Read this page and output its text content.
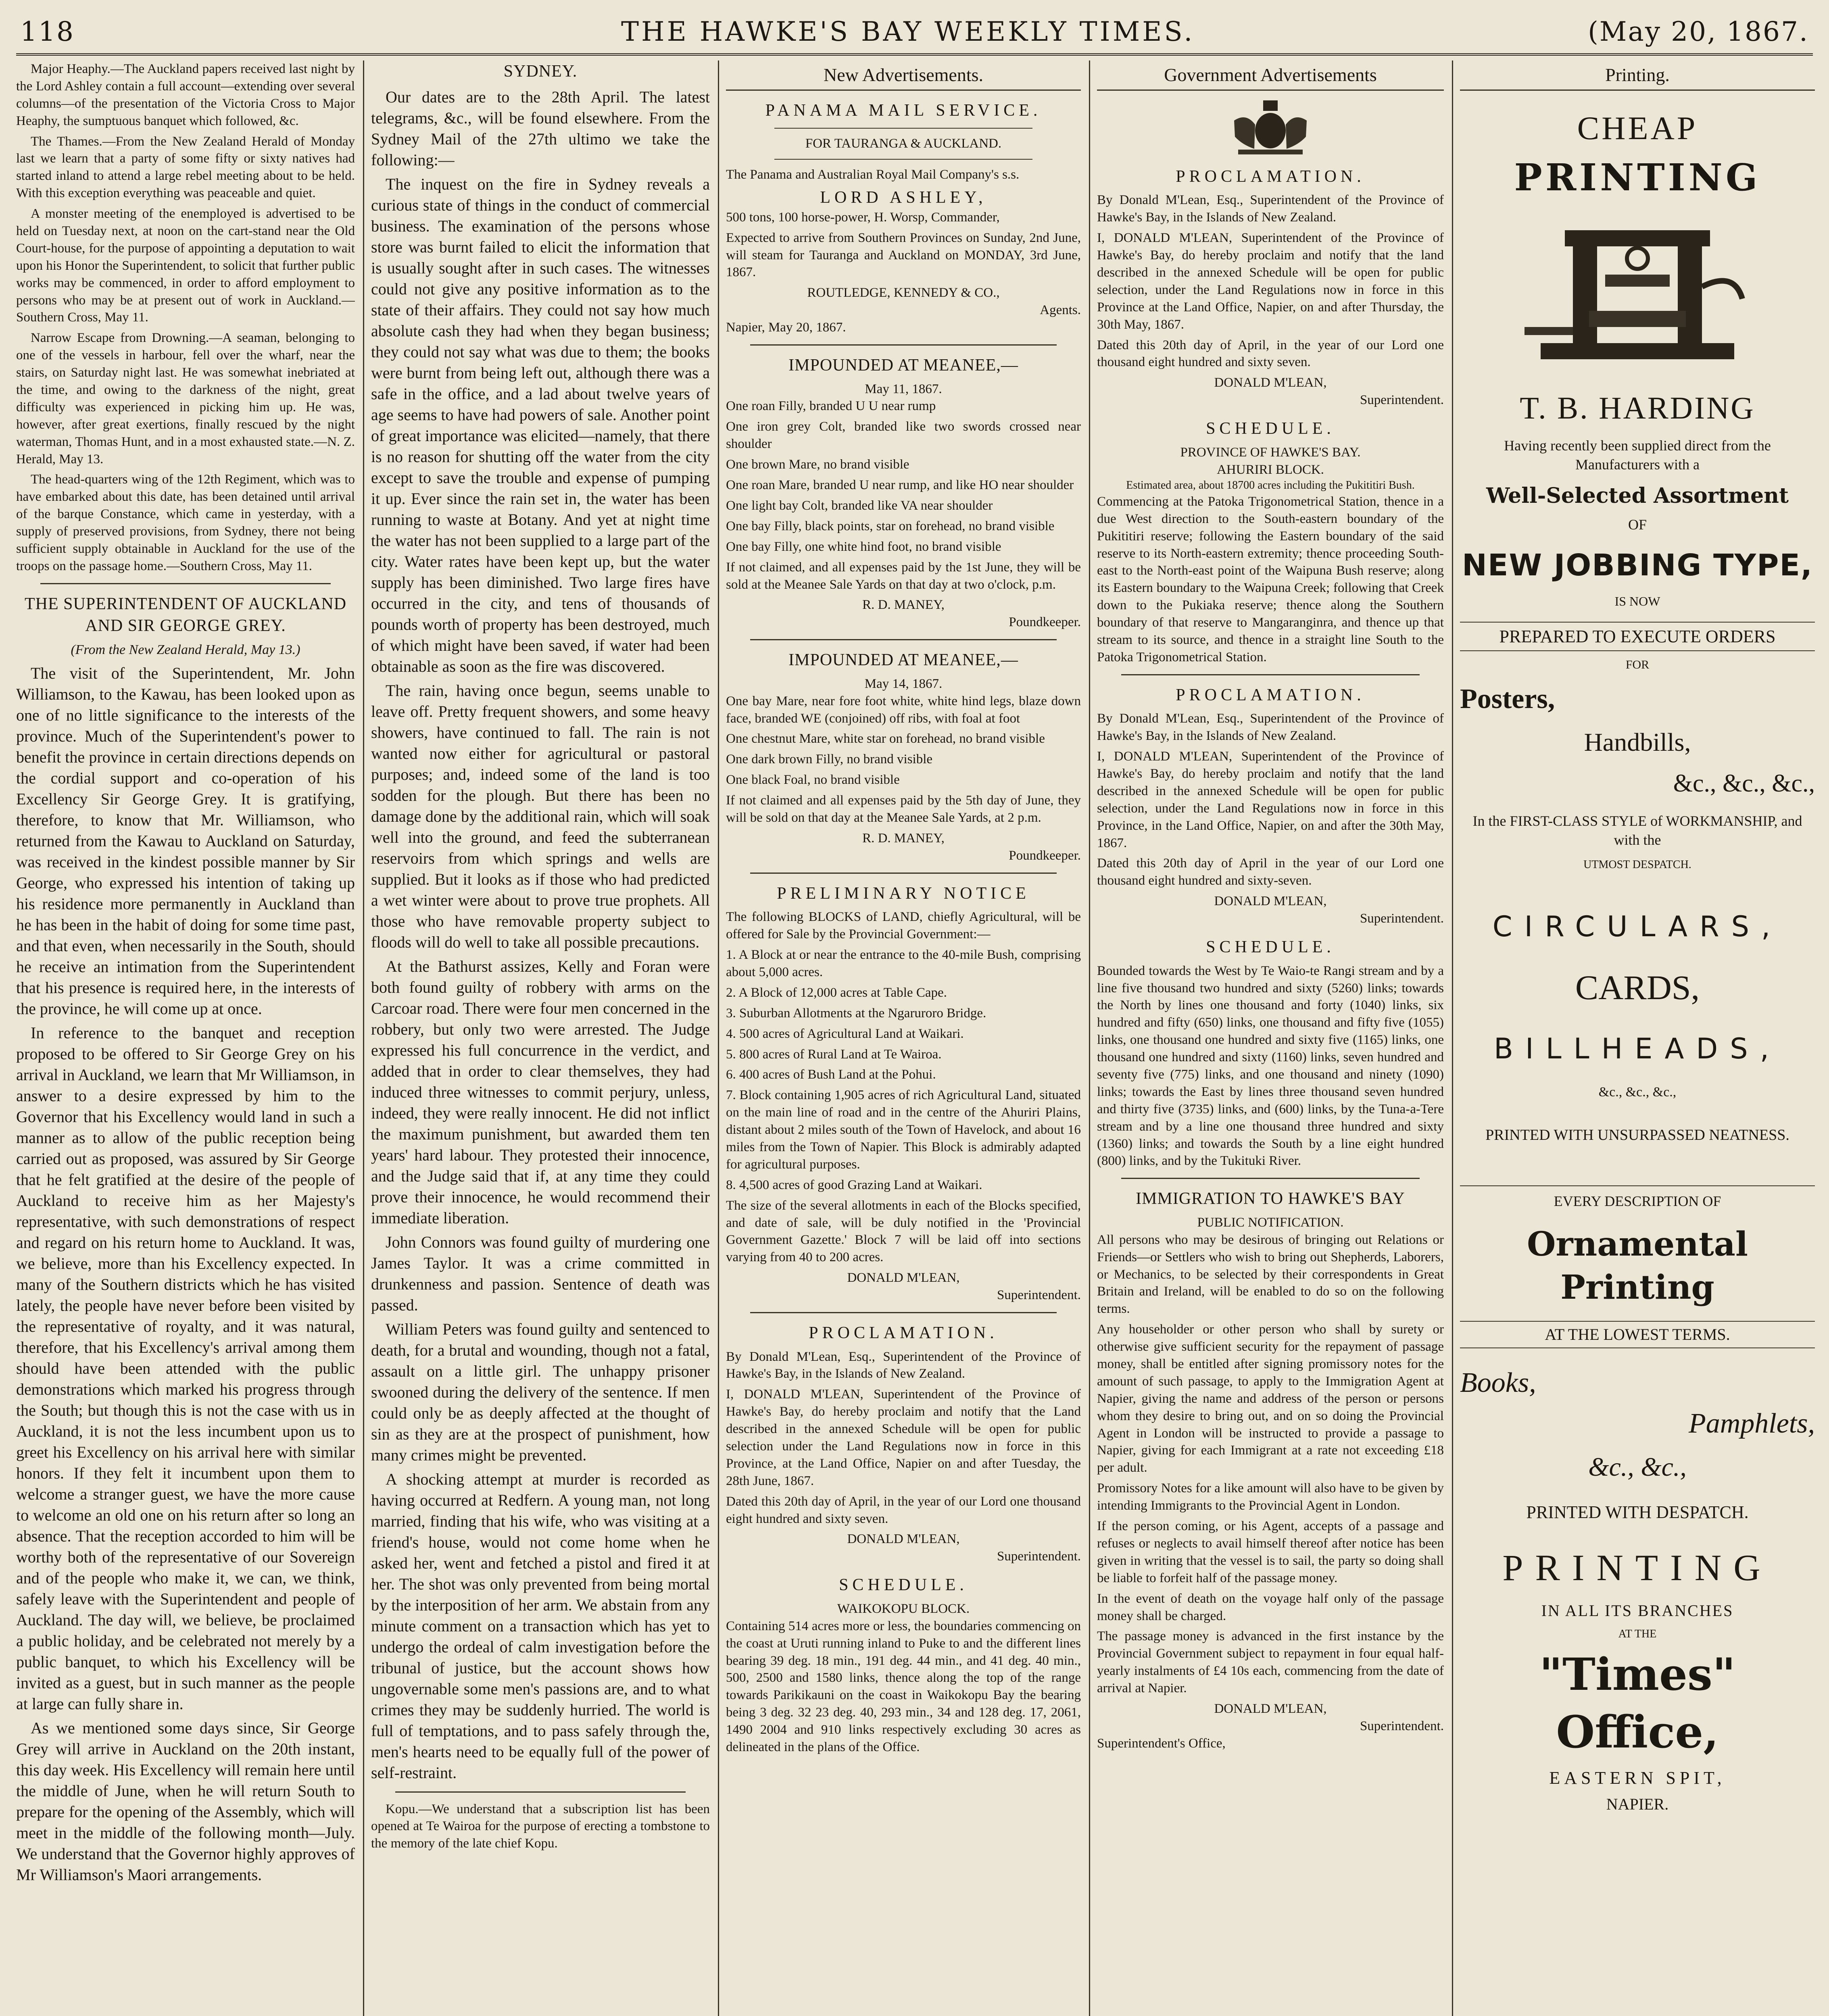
118	THE HAWKE'S BAY WEEKLY TIMES.	(May 20, 1867.

Major Heaphy.—The Auckland papers received last night by the Lord Ashley contain a full account—extending over several columns—of the presentation of the Victoria Cross to Major Heaphy, the sumptuous banquet which followed, &c.

The Thames.—From the New Zealand Herald of Monday last we learn that a party of some fifty or sixty natives had started inland to attend a large rebel meeting about to be held. With this exception everything was peaceable and quiet.

A monster meeting of the enemployed is advertised to be held on Tuesday next, at noon on the cart-stand near the Old Court-house, for the purpose of appointing a deputation to wait upon his Honor the Superintendent, to solicit that further public works may be commenced, in order to afford employment to persons who may be at present out of work in Auckland.—Southern Cross, May 11.

Narrow Escape from Drowning.—A seaman, belonging to one of the vessels in harbour, fell over the wharf, near the stairs, on Saturday night last. He was somewhat inebriated at the time, and owing to the darkness of the night, great difficulty was experienced in picking him up. He was, however, after great exertions, finally rescued by the night waterman, Thomas Hunt, and in a most exhausted state.—N. Z. Herald, May 13.

The head-quarters wing of the 12th Regiment, which was to have embarked about this date, has been detained until arrival of the barque Constance, which came in yesterday, with a supply of preserved provisions, from Sydney, there not being sufficient supply obtainable in Auckland for the use of the troops on the passage home.—Southern Cross, May 11.

THE SUPERINTENDENT OF AUCKLAND AND SIR GEORGE GREY.
(From the New Zealand Herald, May 13.)

The visit of the Superintendent, Mr. John Williamson, to the Kawau, has been looked upon as one of no little significance to the interests of the province. Much of the Superintendent's power to benefit the province in certain directions depends on the cordial support and co-operation of his Excellency Sir George Grey. It is gratifying, therefore, to know that Mr. Williamson, who returned from the Kawau to Auckland on Saturday, was received in the kindest possible manner by Sir George, who expressed his intention of taking up his residence more permanently in Auckland than he has been in the habit of doing for some time past, and that even, when necessarily in the South, should he receive an intimation from the Superintendent that his presence is required here, in the interests of the province, he will come up at once.

In reference to the banquet and reception proposed to be offered to Sir George Grey on his arrival in Auckland, we learn that Mr Williamson, in answer to a desire expressed by him to the Governor that his Excellency would land in such a manner as to allow of the public reception being carried out as proposed, was assured by Sir George that he felt gratified at the desire of the people of Auckland to receive him as her Majesty's representative, with such demonstrations of respect and regard on his return home to Auckland. It was, we believe, more than his Excellency expected. In many of the Southern districts which he has visited lately, the people have never before been visited by the representative of royalty, and it was natural, therefore, that his Excellency's arrival among them should have been attended with the public demonstrations which marked his progress through the South; but though this is not the case with us in Auckland, it is not the less incumbent upon us to greet his Excellency on his arrival here with similar honors. If they felt it incumbent upon them to welcome a stranger guest, we have the more cause to welcome an old one on his return after so long an absence. That the reception accorded to him will be worthy both of the representative of our Sovereign and of the people who make it, we can, we think, safely leave with the Superintendent and people of Auckland. The day will, we believe, be proclaimed a public holiday, and be celebrated not merely by a public banquet, to which his Excellency will be invited as a guest, but in such manner as the people at large can fully share in.

As we mentioned some days since, Sir George Grey will arrive in Auckland on the 20th instant, this day week. His Excellency will remain here until the middle of June, when he will return South to prepare for the opening of the Assembly, which will meet in the middle of the following month—July. We understand that the Governor highly approves of Mr Williamson's Maori arrangements.

SYDNEY.

Our dates are to the 28th April. The latest telegrams, &c., will be found elsewhere. From the Sydney Mail of the 27th ultimo we take the following:—

The inquest on the fire in Sydney reveals a curious state of things in the conduct of commercial business. The examination of the persons whose store was burnt failed to elicit the information that is usually sought after in such cases. The witnesses could not give any positive information as to the state of their affairs. They could not say how much absolute cash they had when they began business; they could not say what was due to them; the books were burnt from being left out, although there was a safe in the office, and a lad about twelve years of age seems to have had powers of sale. Another point of great importance was elicited—namely, that there is no reason for shutting off the water from the city except to save the trouble and expense of pumping it up. Ever since the rain set in, the water has been running to waste at Botany. And yet at night time the water has not been supplied to a large part of the city. Water rates have been kept up, but the water supply has been diminished. Two large fires have occurred in the city, and tens of thousands of pounds worth of property has been destroyed, much of which might have been saved, if water had been obtainable as soon as the fire was discovered.

The rain, having once begun, seems unable to leave off. Pretty frequent showers, and some heavy showers, have continued to fall. The rain is not wanted now either for agricultural or pastoral purposes; and, indeed some of the land is too sodden for the plough. But there has been no damage done by the additional rain, which will soak well into the ground, and feed the subterranean reservoirs from which springs and wells are supplied. But it looks as if those who had predicted a wet winter were about to prove true prophets. All those who have removable property subject to floods will do well to take all possible precautions.

At the Bathurst assizes, Kelly and Foran were both found guilty of robbery with arms on the Carcoar road. There were four men concerned in the robbery, but only two were arrested. The Judge expressed his full concurrence in the verdict, and added that in order to clear themselves, they had induced three witnesses to commit perjury, unless, indeed, they were really innocent. He did not inflict the maximum punishment, but awarded them ten years' hard labour. They protested their innocence, and the Judge said that if, at any time they could prove their innocence, he would recommend their immediate liberation.

John Connors was found guilty of murdering one James Taylor. It was a crime committed in drunkenness and passion. Sentence of death was passed.

William Peters was found guilty and sentenced to death, for a brutal and wounding, though not a fatal, assault on a little girl. The unhappy prisoner swooned during the delivery of the sentence. If men could only be as deeply affected at the thought of sin as they are at the prospect of punishment, how many crimes might be prevented.

A shocking attempt at murder is recorded as having occurred at Redfern. A young man, not long married, finding that his wife, who was visiting at a friend's house, would not come home when he asked her, went and fetched a pistol and fired it at her. The shot was only prevented from being mortal by the interposition of her arm. We abstain from any minute comment on a transaction which has yet to undergo the ordeal of calm investigation before the tribunal of justice, but the account shows how ungovernable some men's passions are, and to what crimes they may be suddenly hurried. The world is full of temptations, and to pass safely through the, men's hearts need to be equally full of the power of self-restraint.

Kopu.—We understand that a subscription list has been opened at Te Wairoa for the purpose of erecting a tombstone to the memory of the late chief Kopu.

New Advertisements.
PANAMA MAIL SERVICE.
FOR TAURANGA & AUCKLAND.

The Panama and Australian Royal Mail Company's s.s.

LORD ASHLEY,

500 tons, 100 horse-power, H. Worsp, Commander,

Expected to arrive from Southern Provinces on Sunday, 2nd June, will steam for Tauranga and Auckland on MONDAY, 3rd June, 1867.

ROUTLEDGE, KENNEDY & CO.,
Agents.

Napier, May 20, 1867.

IMPOUNDED AT MEANEE,—
May 11, 1867.

One roan Filly, branded U U near rump

One iron grey Colt, branded like two swords crossed near shoulder

One brown Mare, no brand visible

One roan Mare, branded U near rump, and like HO near shoulder

One light bay Colt, branded like VA near shoulder

One bay Filly, black points, star on forehead, no brand visible

One bay Filly, one white hind foot, no brand visible

If not claimed, and all expenses paid by the 1st June, they will be sold at the Meanee Sale Yards on that day at two o'clock, p.m.

R. D. MANEY,
Poundkeeper.
IMPOUNDED AT MEANEE,—
May 14, 1867.

One bay Mare, near fore foot white, white hind legs, blaze down face, branded WE (conjoined) off ribs, with foal at foot

One chestnut Mare, white star on forehead, no brand visible

One dark brown Filly, no brand visible

One black Foal, no brand visible

If not claimed and all expenses paid by the 5th day of June, they will be sold on that day at the Meanee Sale Yards, at 2 p.m.

R. D. MANEY,
Poundkeeper.
PRELIMINARY NOTICE

The following BLOCKS of LAND, chiefly Agricultural, will be offered for Sale by the Provincial Government:—

1. A Block at or near the entrance to the 40-mile Bush, comprising about 5,000 acres.

2. A Block of 12,000 acres at Table Cape.

3. Suburban Allotments at the Ngaruroro Bridge.

4. 500 acres of Agricultural Land at Waikari.

5. 800 acres of Rural Land at Te Wairoa.

6. 400 acres of Bush Land at the Pohui.

7. Block containing 1,905 acres of rich Agricultural Land, situated on the main line of road and in the centre of the Ahuriri Plains, distant about 2 miles south of the Town of Havelock, and about 16 miles from the Town of Napier. This Block is admirably adapted for agricultural purposes.

8. 4,500 acres of good Grazing Land at Waikari.

The size of the several allotments in each of the Blocks specified, and date of sale, will be duly notified in the 'Provincial Government Gazette.' Block 7 will be laid off into sections varying from 40 to 200 acres.

DONALD M'LEAN,
Superintendent.
PROCLAMATION.

By Donald M'Lean, Esq., Superintendent of the Province of Hawke's Bay, in the Islands of New Zealand.

I, DONALD M'LEAN, Superintendent of the Province of Hawke's Bay, do hereby proclaim and notify that the Land described in the annexed Schedule will be open for public selection under the Land Regulations now in force in this Province, at the Land Office, Napier on and after Tuesday, the 28th June, 1867.

Dated this 20th day of April, in the year of our Lord one thousand eight hundred and sixty seven.

DONALD M'LEAN,
Superintendent.
SCHEDULE.
WAIKOKOPU BLOCK.

Containing 514 acres more or less, the boundaries commencing on the coast at Uruti running inland to Puke to and the different lines bearing 39 deg. 18 min., 191 deg. 44 min., and 41 deg. 40 min., 500, 2500 and 1580 links, thence along the top of the range towards Parikikauni on the coast in Waikokopu Bay the bearing being 3 deg. 32 23 deg. 40, 293 min., 34 and 128 deg. 17, 2061, 1490 2004 and 910 links respectively excluding 30 acres as delineated in the plans of the Office.

Government Advertisements
PROCLAMATION.

By Donald M'Lean, Esq., Superintendent of the Province of Hawke's Bay, in the Islands of New Zealand.

I, DONALD M'LEAN, Superintendent of the Province of Hawke's Bay, do hereby proclaim and notify that the land described in the annexed Schedule will be open for public selection, under the Land Regulations now in force in this Province at the Land Office, Napier, on and after Thursday, the 30th May, 1867.

Dated this 20th day of April, in the year of our Lord one thousand eight hundred and sixty seven.

DONALD M'LEAN,
Superintendent.
SCHEDULE.
PROVINCE OF HAWKE'S BAY.
AHURIRI BLOCK.
Estimated area, about 18700 acres including the Pukititiri Bush.

Commencing at the Patoka Trigonometrical Station, thence in a due West direction to the South-eastern boundary of the Pukititiri reserve; following the Eastern boundary of the said reserve to its North-eastern extremity; thence proceeding South-east to the North-east point of the Waipuna Bush reserve; along its Eastern boundary to the Waipuna Creek; following that Creek down to the Pukiaka reserve; thence along the Southern boundary of that reserve to Mangaranginra, and thence up that stream to its source, and thence in a straight line South to the Patoka Trigonometrical Station.

PROCLAMATION.

By Donald M'Lean, Esq., Superintendent of the Province of Hawke's Bay, in the Islands of New Zealand.

I, DONALD M'LEAN, Superintendent of the Province of Hawke's Bay, do hereby proclaim and notify that the land described in the annexed Schedule will be open for public selection, under the Land Regulations now in force in this Province, in the Land Office, Napier, on and after the 30th May, 1867.

Dated this 20th day of April in the year of our Lord one thousand eight hundred and sixty-seven.

DONALD M'LEAN,
Superintendent.
SCHEDULE.

Bounded towards the West by Te Waio-te Rangi stream and by a line five thousand two hundred and sixty (5260) links; towards the North by lines one thousand and forty (1040) links, six hundred and fifty (650) links, one thousand and fifty five (1055) links, one thousand one hundred and sixty five (1165) links, one thousand one hundred and sixty (1160) links, seven hundred and seventy five (775) links, and one thousand and ninety (1090) links; towards the East by lines three thousand seven hundred and thirty five (3735) links, and (600) links, by the Tuna-a-Tere stream and by a line one thousand three hundred and sixty (1360) links; and towards the South by a line eight hundred (800) links, and by the Tukituki River.

IMMIGRATION TO HAWKE'S BAY
PUBLIC NOTIFICATION.

All persons who may be desirous of bringing out Relations or Friends—or Settlers who wish to bring out Shepherds, Laborers, or Mechanics, to be selected by their correspondents in Great Britain and Ireland, will be enabled to do so on the following terms.

Any householder or other person who shall by surety or otherwise give sufficient security for the repayment of passage money, shall be entitled after signing promissory notes for the amount of such passage, to apply to the Immigration Agent at Napier, giving the name and address of the person or persons whom they desire to bring out, and on so doing the Provincial Agent in London will be instructed to provide a passage to Napier, giving for each Immigrant at a rate not exceeding £18 per adult.

Promissory Notes for a like amount will also have to be given by intending Immigrants to the Provincial Agent in London.

If the person coming, or his Agent, accepts of a passage and refuses or neglects to avail himself thereof after notice has been given in writing that the vessel is to sail, the party so doing shall be liable to forfeit half of the passage money.

In the event of death on the voyage half only of the passage money shall be charged.

The passage money is advanced in the first instance by the Provincial Government subject to repayment in four equal half-yearly instalments of £4 10s each, commencing from the date of arrival at Napier.

DONALD M'LEAN,
Superintendent.

Superintendent's Office,

Printing.
CHEAP
PRINTING
T. B. HARDING
Having recently been supplied direct from the Manufacturers with a
Well-Selected Assortment
OF
NEW JOBBING TYPE,
IS NOW
PREPARED TO EXECUTE ORDERS
FOR
Posters,
Handbills,
&c., &c., &c.,
In the FIRST-CLASS STYLE of WORKMANSHIP, and with the
UTMOST DESPATCH.
CIRCULARS,
CARDS,
BILLHEADS,
&c., &c., &c.,
PRINTED WITH UNSURPASSED NEATNESS.
EVERY DESCRIPTION OF
Ornamental Printing
AT THE LOWEST TERMS.
Books,
Pamphlets,
&c., &c.,
PRINTED WITH DESPATCH.
PRINTING
IN ALL ITS BRANCHES
AT THE
"Times" Office,
EASTERN SPIT,
NAPIER.
